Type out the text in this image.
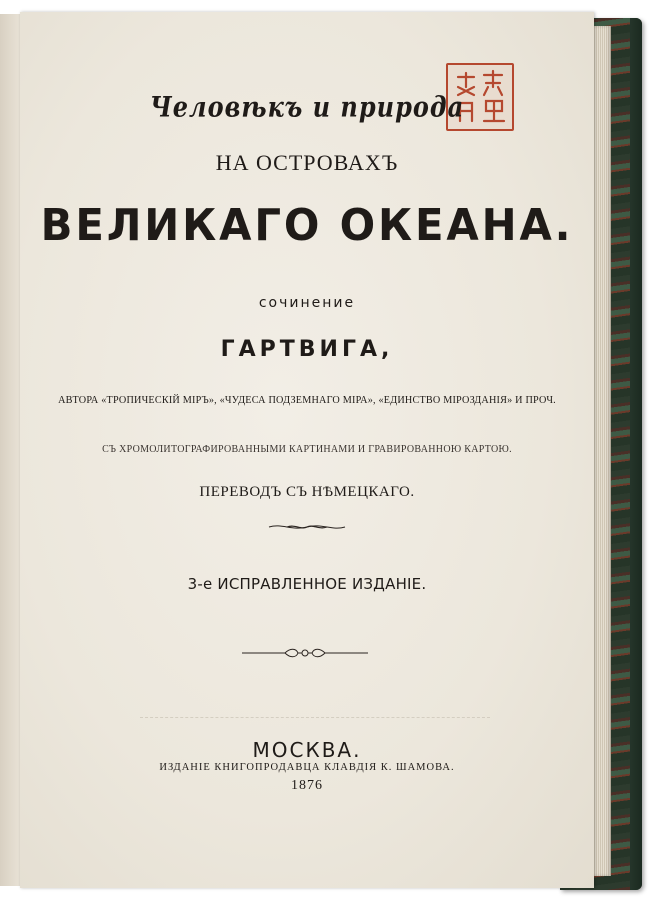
Человѣкъ и природа
НА ОСТРОВАХЪ
ВЕЛИКАГО ОКЕАНА.
сочинение
ГАРТВИГА,
АВТОРА «ТРОПИЧЕСКIЙ МIРЪ», «ЧУДЕСА ПОДЗЕМНАГО МIРА», «ЕДИНСТВО МIРОЗДАНIЯ» И ПРОЧ.
СЪ ХРОМОЛИТОГРАФИРОВАННЫМИ КАРТИНАМИ И ГРАВИРОВАННОЮ КАРТОЮ.
ПЕРЕВОДЪ СЪ НѢМЕЦКАГО.
3-е ИСПРАВЛЕННОЕ ИЗДАНIЕ.
МОСКВА.
ИЗДАНIЕ КНИГОПРОДАВЦА КЛАВДIЯ К. ШАМОВА.
1876
